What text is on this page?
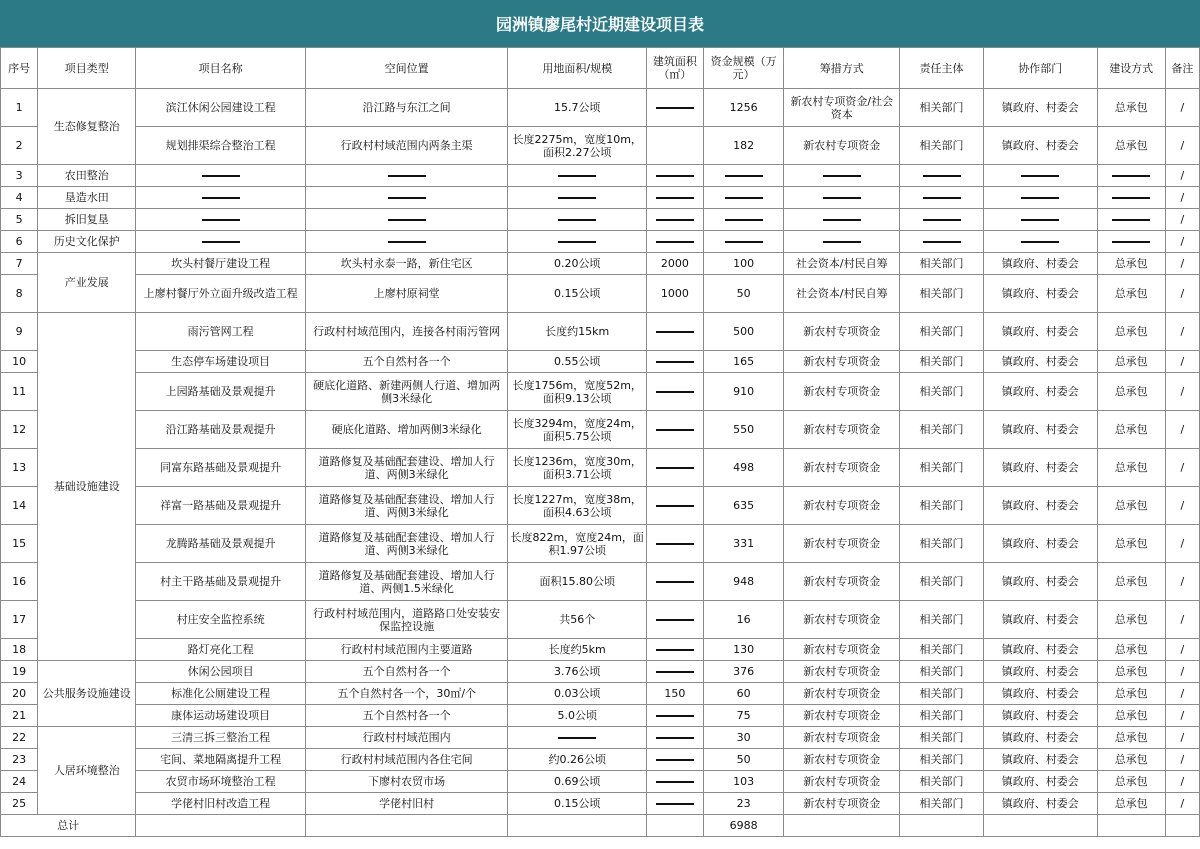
园洲镇廖尾村近期建设项目表
序号	项目类型	项目名称	空间位置	用地面积/规模	建筑面积（㎡）	资金规模（万元）	筹措方式	责任主体	协作部门	建设方式	备注
1	生态修复整治	滨江休闲公园建设工程	沿江路与东江之间	15.7公顷		1256	新农村专项资金/社会资本	相关部门	镇政府、村委会	总承包	/
2		规划排渠综合整治工程	行政村村域范围内两条主渠	长度2275m，宽度10m，面积2.27公顷		182	新农村专项资金	相关部门	镇政府、村委会	总承包	/
3	农田整治										/
4	垦造水田										/
5	拆旧复垦										/
6	历史文化保护										/
7	产业发展	坎头村餐厅建设工程	坎头村永泰一路，新住宅区	0.20公顷	2000	100	社会资本/村民自筹	相关部门	镇政府、村委会	总承包	/
8		上廖村餐厅外立面升级改造工程	上廖村原祠堂	0.15公顷	1000	50	社会资本/村民自筹	相关部门	镇政府、村委会	总承包	/
9	基础设施建设	雨污管网工程	行政村村域范围内，连接各村雨污管网	长度约15km		500	新农村专项资金	相关部门	镇政府、村委会	总承包	/
10		生态停车场建设项目	五个自然村各一个	0.55公顷		165	新农村专项资金	相关部门	镇政府、村委会	总承包	/
11		上园路基础及景观提升	硬底化道路、新建两侧人行道、增加两侧3米绿化	长度1756m，宽度52m，面积9.13公顷		910	新农村专项资金	相关部门	镇政府、村委会	总承包	/
12		沿江路基础及景观提升	硬底化道路、增加两侧3米绿化	长度3294m，宽度24m，面积5.75公顷		550	新农村专项资金	相关部门	镇政府、村委会	总承包	/
13		同富东路基础及景观提升	道路修复及基础配套建设、增加人行道、两侧3米绿化	长度1236m，宽度30m，面积3.71公顷		498	新农村专项资金	相关部门	镇政府、村委会	总承包	/
14		祥富一路基础及景观提升	道路修复及基础配套建设、增加人行道、两侧3米绿化	长度1227m，宽度38m，面积4.63公顷		635	新农村专项资金	相关部门	镇政府、村委会	总承包	/
15		龙腾路基础及景观提升	道路修复及基础配套建设、增加人行道、两侧3米绿化	长度822m，宽度24m，面积1.97公顷		331	新农村专项资金	相关部门	镇政府、村委会	总承包	/
16		村主干路基础及景观提升	道路修复及基础配套建设、增加人行道、两侧1.5米绿化	面积15.80公顷		948	新农村专项资金	相关部门	镇政府、村委会	总承包	/
17		村庄安全监控系统	行政村村域范围内，道路路口处安装安保监控设施	共56个		16	新农村专项资金	相关部门	镇政府、村委会	总承包	/
18		路灯亮化工程	行政村村域范围内主要道路	长度约5km		130	新农村专项资金	相关部门	镇政府、村委会	总承包	/
19	公共服务设施建设	休闲公园项目	五个自然村各一个	3.76公顷		376	新农村专项资金	相关部门	镇政府、村委会	总承包	/
20		标准化公厕建设工程	五个自然村各一个，30㎡/个	0.03公顷	150	60	新农村专项资金	相关部门	镇政府、村委会	总承包	/
21		康体运动场建设项目	五个自然村各一个	5.0公顷		75	新农村专项资金	相关部门	镇政府、村委会	总承包	/
22	人居环境整治	三清三拆三整治工程	行政村村域范围内			30	新农村专项资金	相关部门	镇政府、村委会	总承包	/
23		宅间、菜地隔离提升工程	行政村村域范围内各住宅间	约0.26公顷		50	新农村专项资金	相关部门	镇政府、村委会	总承包	/
24		农贸市场环境整治工程	下廖村农贸市场	0.69公顷		103	新农村专项资金	相关部门	镇政府、村委会	总承包	/
25		学佬村旧村改造工程	学佬村旧村	0.15公顷		23	新农村专项资金	相关部门	镇政府、村委会	总承包	/
总计						6988					
